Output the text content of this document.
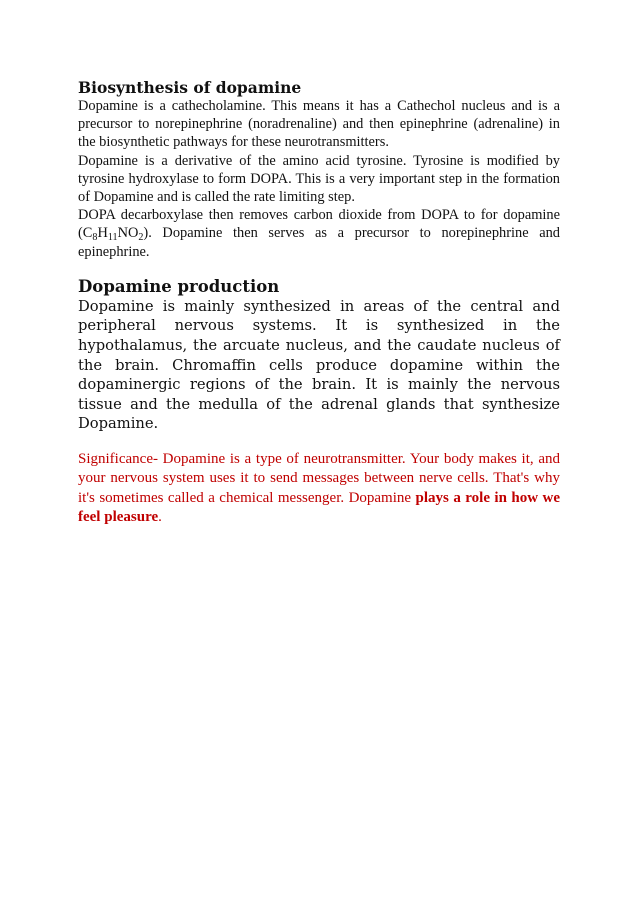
Biosynthesis of dopamine

Dopamine is a cathecholamine. This means it has a Cathechol nucleus and is a precursor to norepinephrine (noradrenaline) and then epinephrine (adrenaline) in the biosynthetic pathways for these neurotransmitters.

Dopamine is a derivative of the amino acid tyrosine. Tyrosine is modified by tyrosine hydroxylase to form DOPA. This is a very important step in the formation of Dopamine and is called the rate limiting step.

DOPA decarboxylase then removes carbon dioxide from DOPA to for dopamine $(C_8H_{11}NO_2)$. Dopamine then serves as a precursor to norepinephrine and epinephrine.

Dopamine production

Dopamine is mainly synthesized in areas of the central and peripheral nervous systems. It is synthesized in the hypothalamus, the arcuate nucleus, and the caudate nucleus of the brain. Chromaffin cells produce dopamine within the dopaminergic regions of the brain. It is mainly the nervous tissue and the medulla of the adrenal glands that synthesize Dopamine.

Significance- Dopamine is a type of neurotransmitter. Your body makes it, and your nervous system uses it to send messages between nerve cells. That's why it's sometimes called a chemical messenger. Dopamine plays a role in how we feel pleasure.
